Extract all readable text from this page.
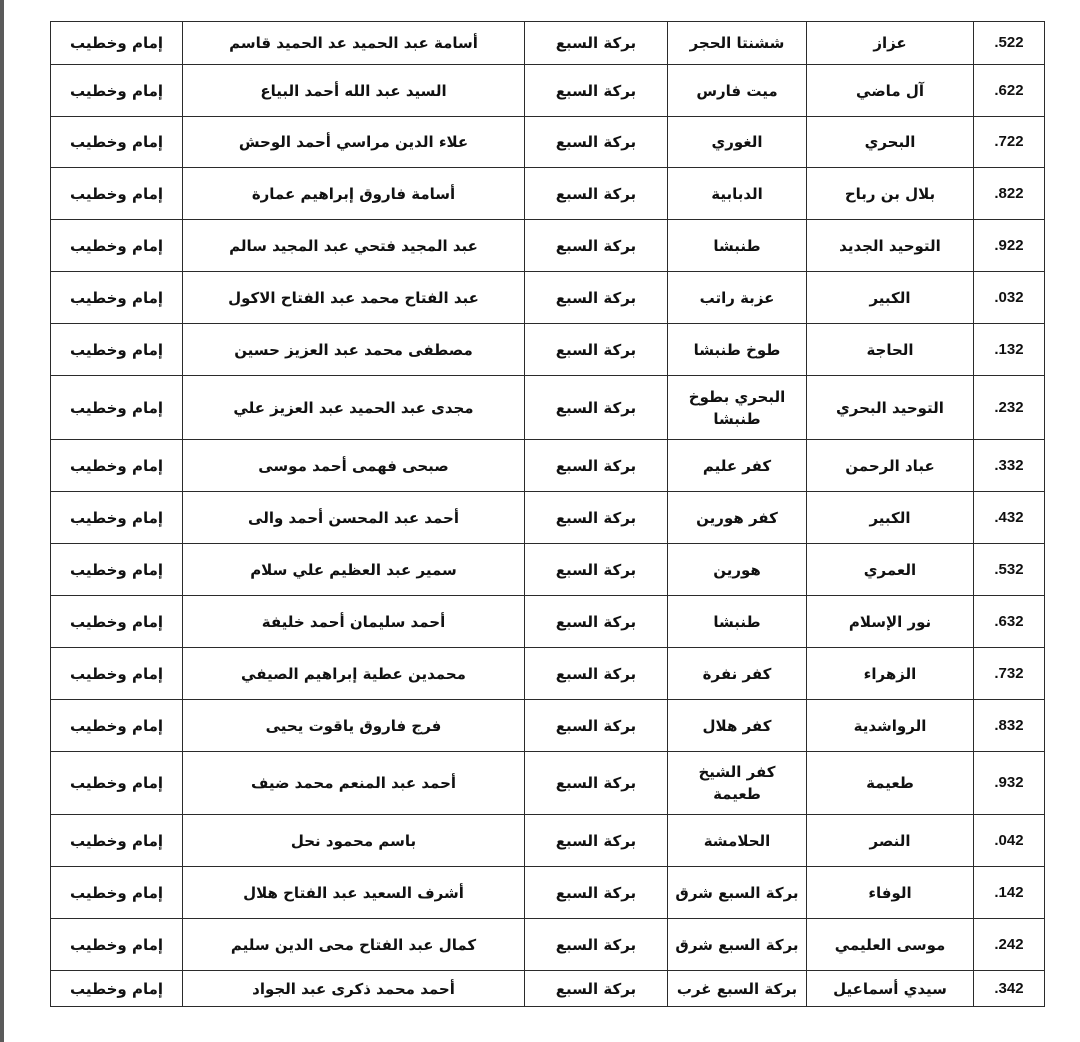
إمام وخطيب	أسامة عبد الحميد عد الحميد قاسم	بركة السبع	ششنتا الحجر	عزاز	.522
إمام وخطيب	السيد عبد الله أحمد البياع	بركة السبع	ميت فارس	آل ماضي	.622
إمام وخطيب	علاء الدين مراسي أحمد الوحش	بركة السبع	الغوري	البحري	.722
إمام وخطيب	أسامة فاروق إبراهيم عمارة	بركة السبع	الدبابية	بلال بن رباح	.822
إمام وخطيب	عبد المجيد فتحي عبد المجيد سالم	بركة السبع	طنبشا	التوحيد الجديد	.922
إمام وخطيب	عبد الفتاح محمد عبد الفتاح الاكول	بركة السبع	عزبة راتب	الكبير	.032
إمام وخطيب	مصطفى محمد عبد العزيز حسين	بركة السبع	طوخ طنبشا	الحاجة	.132
إمام وخطيب	مجدى عبد الحميد عبد العزيز علي	بركة السبع	البحري بطوخ طنبشا	التوحيد البحري	.232
إمام وخطيب	صبحى فهمى أحمد موسى	بركة السبع	كفر عليم	عباد الرحمن	.332
إمام وخطيب	أحمد عبد المحسن أحمد والى	بركة السبع	كفر هورين	الكبير	.432
إمام وخطيب	سمير عبد العظيم علي سلام	بركة السبع	هورين	العمري	.532
إمام وخطيب	أحمد سليمان أحمد خليفة	بركة السبع	طنبشا	نور الإسلام	.632
إمام وخطيب	محمدين عطية إبراهيم الصيفي	بركة السبع	كفر نفرة	الزهراء	.732
إمام وخطيب	فرج فاروق ياقوت يحيى	بركة السبع	كفر هلال	الرواشدية	.832
إمام وخطيب	أحمد عبد المنعم محمد ضيف	بركة السبع	كفر الشيخ طعيمة	طعيمة	.932
إمام وخطيب	باسم محمود نحل	بركة السبع	الحلامشة	النصر	.042
إمام وخطيب	أشرف السعيد عبد الفتاح هلال	بركة السبع	بركة السبع شرق	الوفاء	.142
إمام وخطيب	كمال عبد الفتاح محى الدين سليم	بركة السبع	بركة السبع شرق	موسى العليمي	.242
إمام وخطيب	أحمد محمد ذكرى عبد الجواد	بركة السبع	بركة السبع غرب	سيدي أسماعيل	.342
